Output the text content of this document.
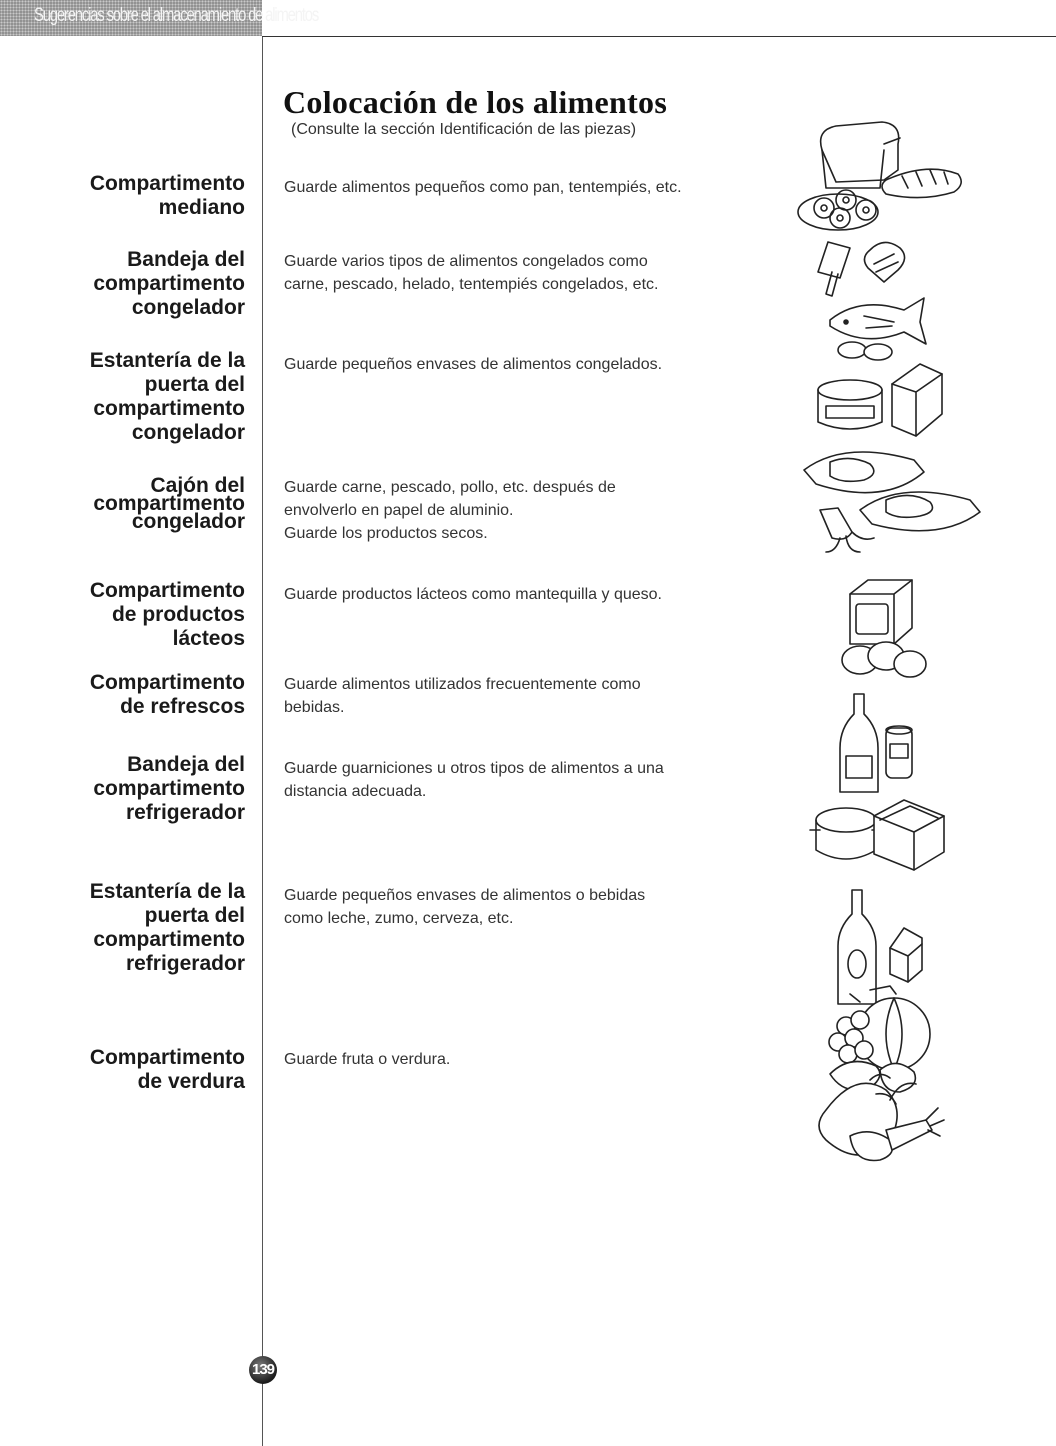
Sugerencias sobre el almacenamiento de alimentos
Colocación de los alimentos
(Consulte la sección Identificación de las piezas)
Compartimento
mediano
Guarde alimentos pequeños como pan, tentempiés, etc.
Bandeja del
compartimento
congelador
Guarde varios tipos de alimentos congelados como
carne, pescado, helado, tentempiés congelados, etc.
Estantería de la
puerta del
compartimento
congelador
Guarde pequeños envases de alimentos congelados.
Cajón del
compartimento
congelador
Guarde carne, pescado, pollo, etc. después de
envolverlo en papel de aluminio.
Guarde los productos secos.
Compartimento
de productos
lácteos
Guarde productos lácteos como mantequilla y queso.
Compartimento
de refrescos
Guarde alimentos utilizados frecuentemente como
bebidas.
Bandeja del
compartimento
refrigerador
Guarde guarniciones u otros tipos de alimentos a una
distancia adecuada.
Estantería de la
puerta del
compartimento
refrigerador
Guarde pequeños envases de alimentos o bebidas
como leche, zumo, cerveza, etc.
Compartimento
de verdura
Guarde fruta o verdura.
139
